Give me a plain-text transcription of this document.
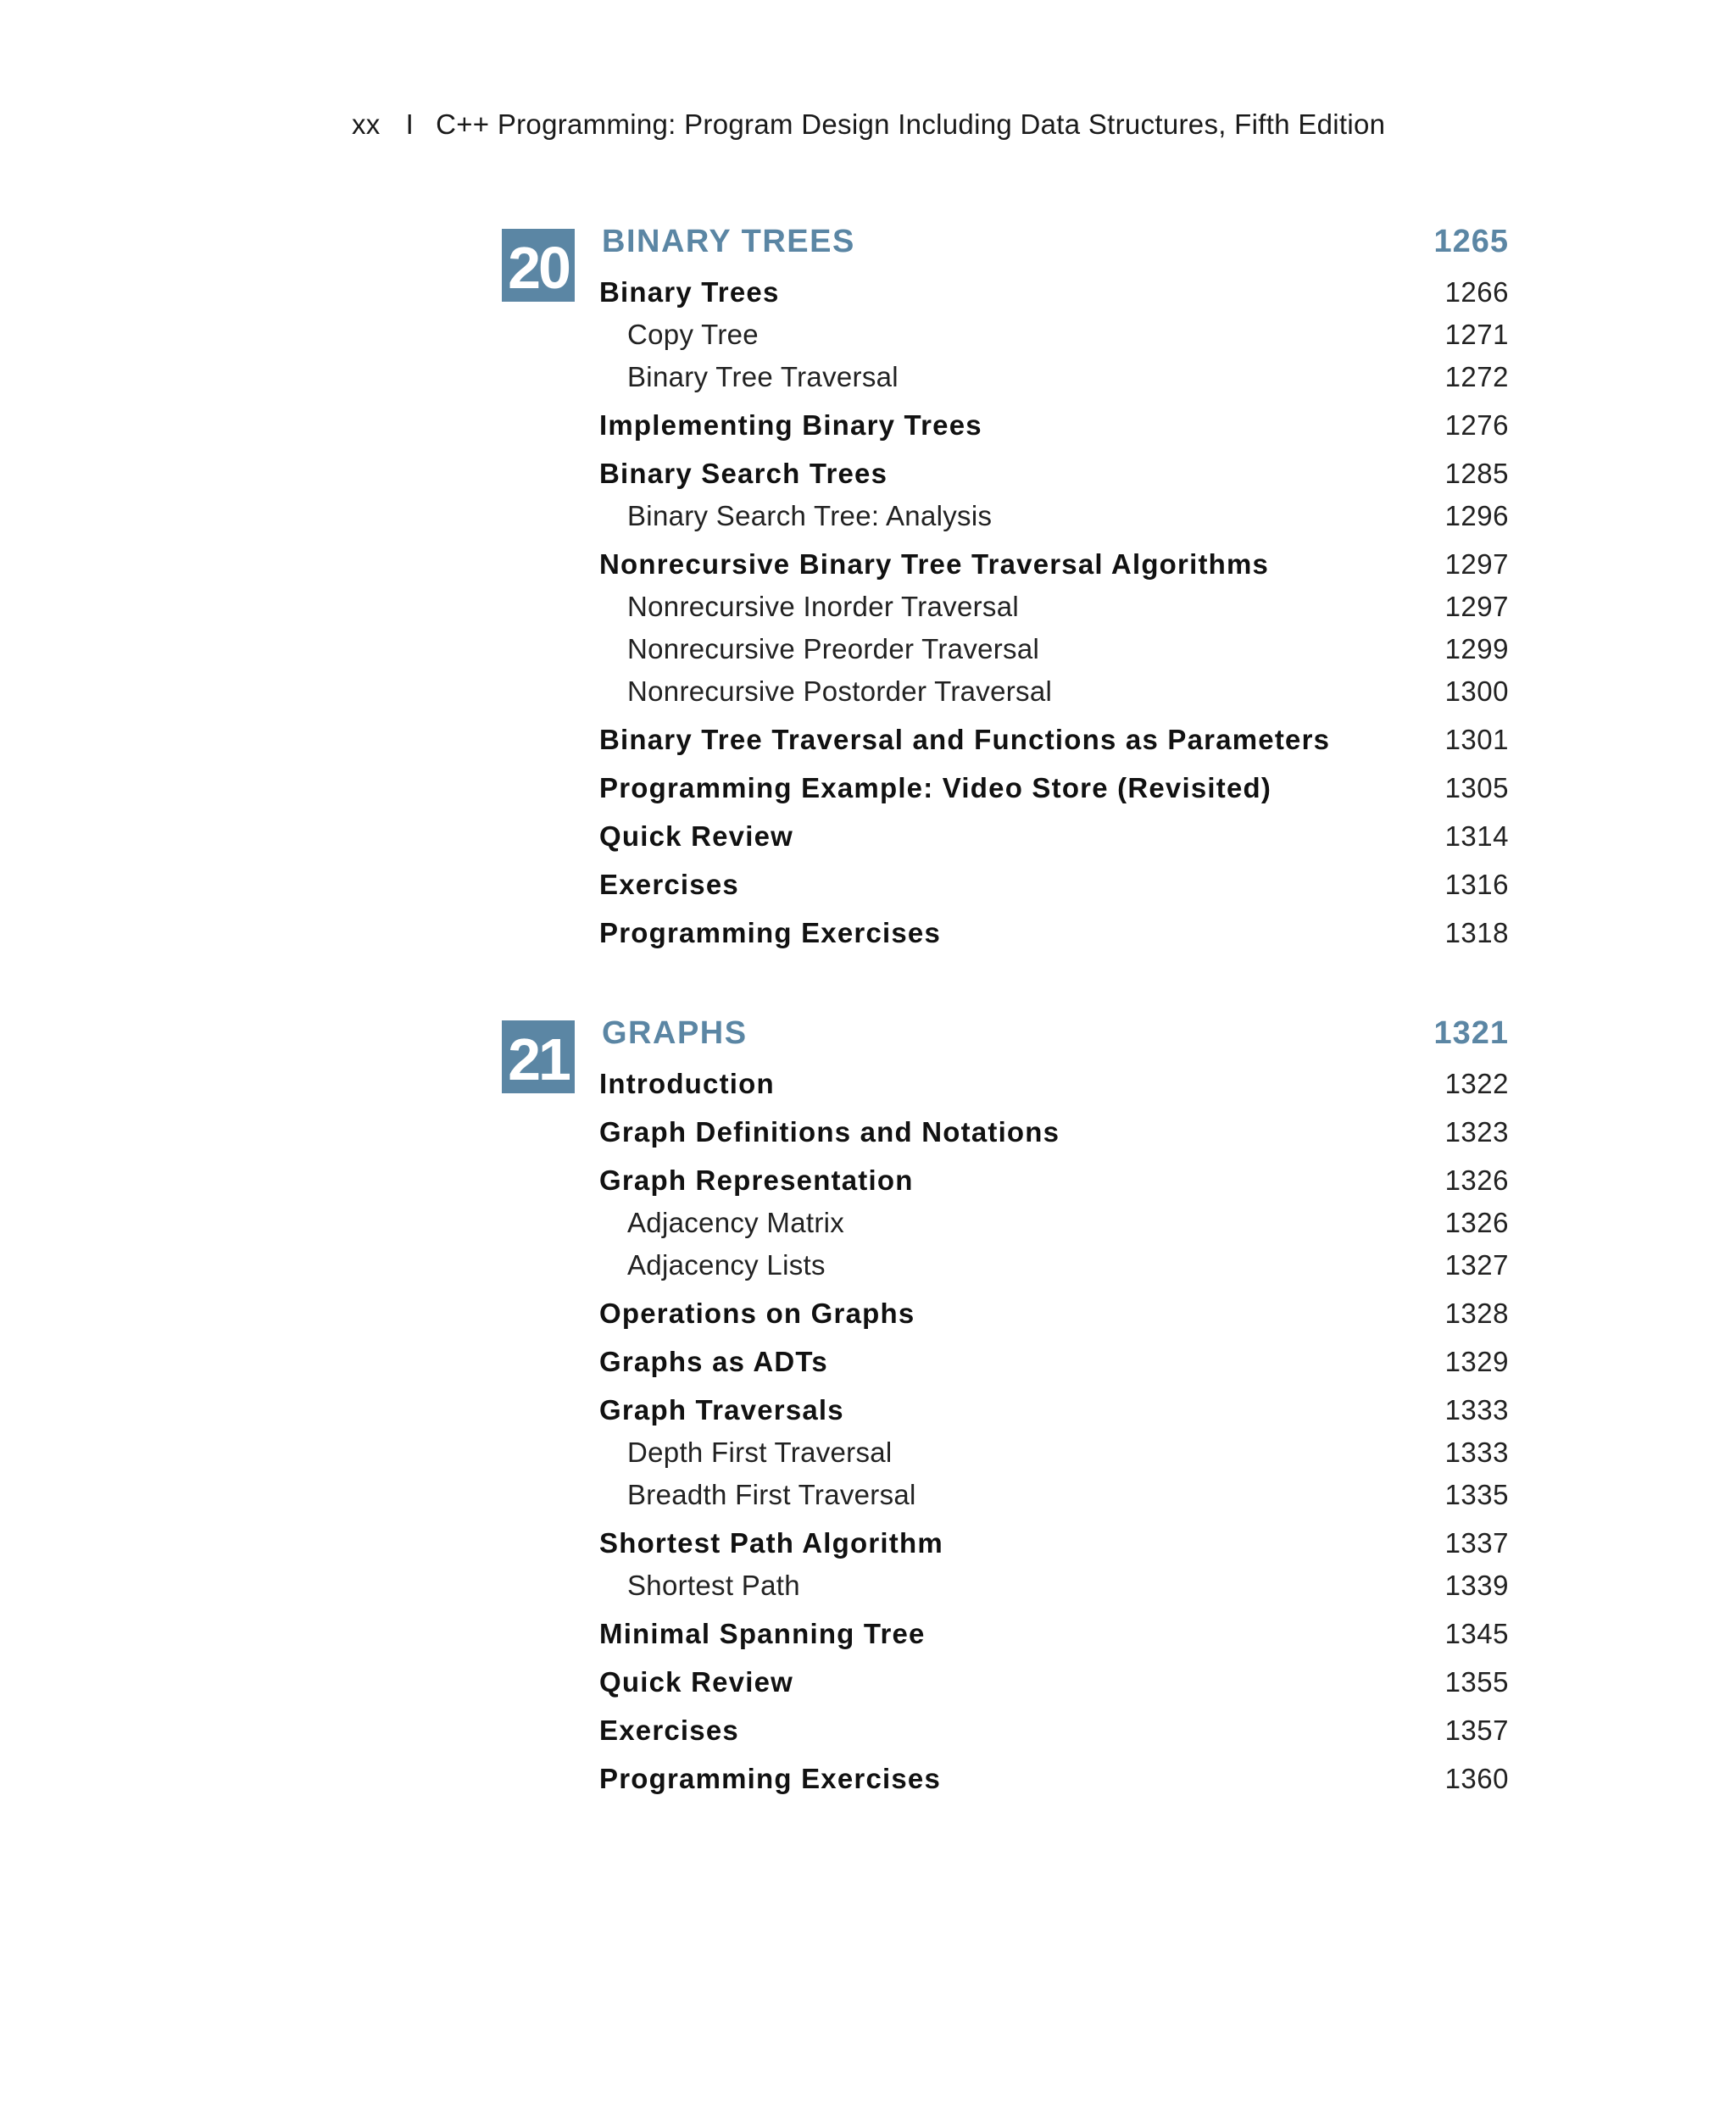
xx I C++ Programming: Program Design Including Data Structures, Fifth Edition
20 BINARY TREES	1265
Binary Trees	1266
Copy Tree	1271
Binary Tree Traversal	1272
Implementing Binary Trees	1276
Binary Search Trees	1285
Binary Search Tree: Analysis	1296
Nonrecursive Binary Tree Traversal Algorithms	1297
Nonrecursive Inorder Traversal	1297
Nonrecursive Preorder Traversal	1299
Nonrecursive Postorder Traversal	1300
Binary Tree Traversal and Functions as Parameters	1301
Programming Example: Video Store (Revisited)	1305
Quick Review	1314
Exercises	1316
Programming Exercises	1318
21 GRAPHS	1321
Introduction	1322
Graph Definitions and Notations	1323
Graph Representation	1326
Adjacency Matrix	1326
Adjacency Lists	1327
Operations on Graphs	1328
Graphs as ADTs	1329
Graph Traversals	1333
Depth First Traversal	1333
Breadth First Traversal	1335
Shortest Path Algorithm	1337
Shortest Path	1339
Minimal Spanning Tree	1345
Quick Review	1355
Exercises	1357
Programming Exercises	1360
